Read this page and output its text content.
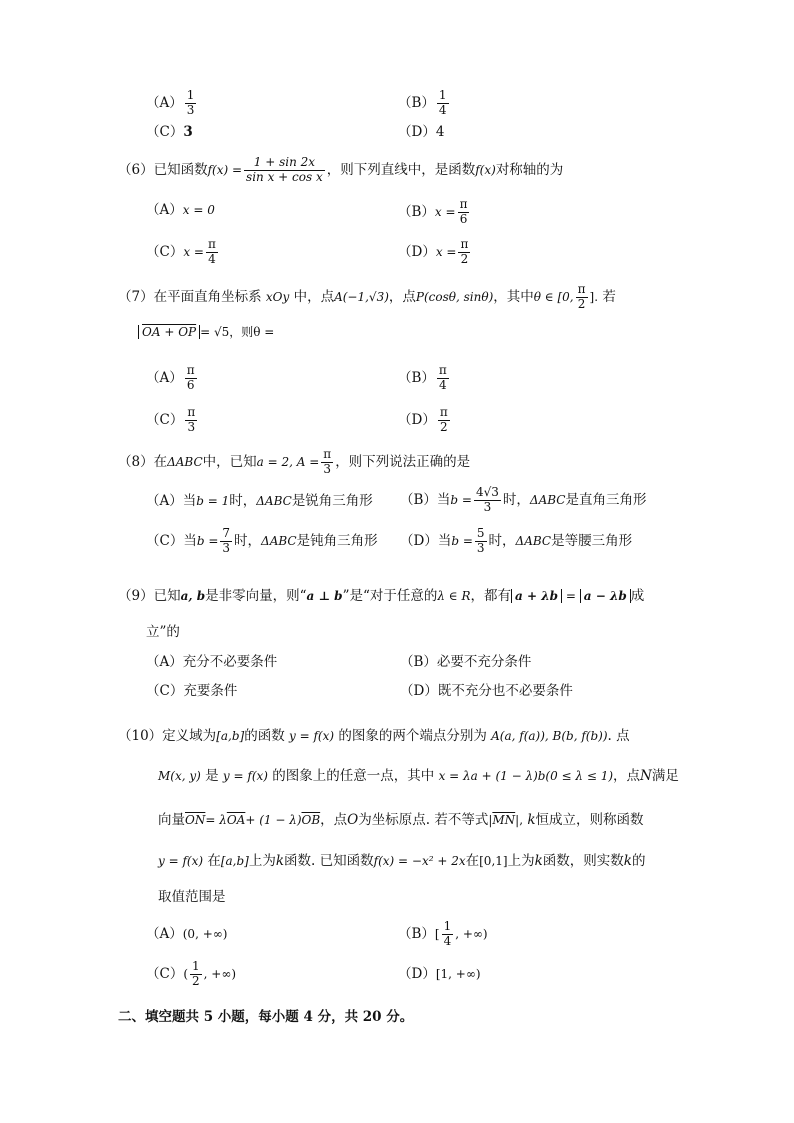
$(A) \frac{1}{3}$	$(B) \frac{1}{4}$
（C）3	（D）4
（6）已知函数$f(x) = \frac{1 + \sin 2x}{\text{sin x + cos x}}$ ，则下列直线中，是函数f(x)对称轴的为
（A）x = 0	$(B)x = \frac{\pi}{6}$
$(C)x = \frac{\pi}{4}$	$(D)x = \frac{\pi}{2}$
（7）在平面直角坐标系 xOy 中，点A(−1,√3)，点P(cosθ, sinθ)，其中θ ∈ [0, $\frac{\pi}{2}$ ]. 若
OA + OP = √5，则θ =
$(A) \frac{\pi}{6}$	$(B) \frac{\pi}{4}$
$(C) \frac{\pi}{3}$	$(D) \frac{\pi}{2}$
（8）在ΔABC中，已知a = 2, $A = \frac{\pi}{3}$ ，则下列说法正确的是
（A）当b = 1时，ΔABC是锐角三角形 （B）当$b = \frac{4√3}{3}$ 时，ΔABC是直角三角形
（C）当$b = \frac{7}{3}$ 时，ΔABC是钝角三角形 （D）当$b = \frac{5}{3}$ 时，ΔABC是等腰三角形
（9）已知a, b是非零向量，则“a ⊥ b”是“对于任意的λ ∈ R，都有 a + λb = a − λb 成
立”的
（A）充分不必要条件	（B）必要不充分条件
（C）充要条件	（D）既不充分也不必要条件
（10）定义域为[a,b]的函数 y = f(x) 的图象的两个端点分别为 A(a, f(a)), B(b, f(b)). 点
M(x, y) 是 y = f(x) 的图象上的任意一点，其中 x = λa + (1 − λ)b(0 ≤ λ ≤ 1)，点N满足
向量$\overline{ON}= \lambda\overline{OA}+ (1 - \lambda)\overline{OB}$，点O为坐标原点. 若不等式$|\overline{MN}|$, k恒成立，则称函数
y = f(x) 在[a,b]上为k函数. 已知函数f(x) = −x² + 2x在[0,1]上为k函数，则实数k的
取值范围是
（A）(0, +∞)	$(B)[ \frac{1}{4}$ , +∞)
$(C)( \frac{1}{2}$ , +∞)	（D）[1, +∞)
二、填空题共 5 小题，每小题 4 分，共 20 分。
